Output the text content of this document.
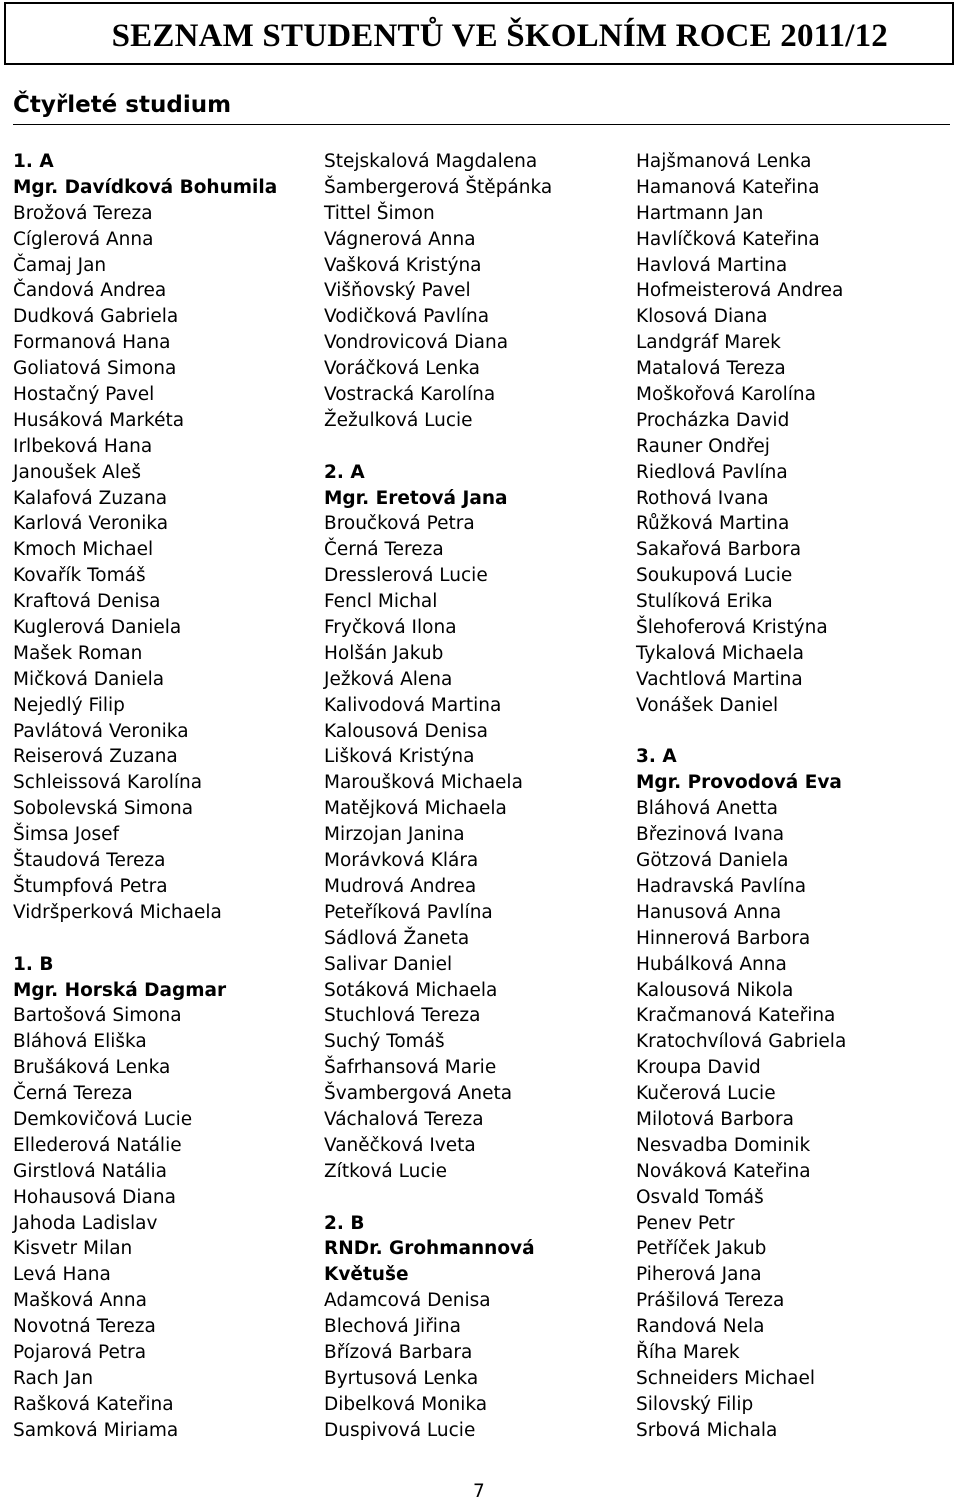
SEZNAM STUDENTŮ VE ŠKOLNÍM ROCE 2011/12
Čtyřleté studium
1. A
Mgr. Davídková Bohumila
Brožová Tereza
Cíglerová Anna
Čamaj Jan
Čandová Andrea
Dudková Gabriela
Formanová Hana
Goliatová Simona
Hostačný Pavel
Husáková Markéta
Irlbeková Hana
Janoušek Aleš
Kalafová Zuzana
Karlová Veronika
Kmoch Michael
Kovařík Tomáš
Kraftová Denisa
Kuglerová Daniela
Mašek Roman
Mičková Daniela
Nejedlý Filip
Pavlátová Veronika
Reiserová Zuzana
Schleissová Karolína
Sobolevská Simona
Šimsa Josef
Štaudová Tereza
Štumpfová Petra
Vidršperková Michaela
1. B
Mgr. Horská Dagmar
Bartošová Simona
Bláhová Eliška
Brušáková Lenka
Černá Tereza
Demkovičová Lucie
Ellederová Natálie
Girstlová Natália
Hohausová Diana
Jahoda Ladislav
Kisvetr Milan
Levá Hana
Mašková Anna
Novotná Tereza
Pojarová Petra
Rach Jan
Rašková Kateřina
Samková Miriama
Stejskalová Magdalena
Šambergerová Štěpánka
Tittel Šimon
Vágnerová Anna
Vašková Kristýna
Višňovský Pavel
Vodičková Pavlína
Vondrovicová Diana
Voráčková Lenka
Vostracká Karolína
Žežulková Lucie
2. A
Mgr. Eretová Jana
Broučková Petra
Černá Tereza
Dresslerová Lucie
Fencl Michal
Fryčková Ilona
Holšán Jakub
Ježková Alena
Kalivodová Martina
Kalousová Denisa
Lišková Kristýna
Maroušková Michaela
Matějková Michaela
Mirzojan Janina
Morávková Klára
Mudrová Andrea
Peteříková Pavlína
Sádlová Žaneta
Salivar Daniel
Sotáková Michaela
Stuchlová Tereza
Suchý Tomáš
Šafrhansová Marie
Švambergová Aneta
Váchalová Tereza
Vaněčková Iveta
Zítková Lucie
2. B
RNDr. Grohmannová
Květuše
Adamcová Denisa
Blechová Jiřina
Břízová Barbara
Byrtusová Lenka
Dibelková Monika
Duspivová Lucie
Hajšmanová Lenka
Hamanová Kateřina
Hartmann Jan
Havlíčková Kateřina
Havlová Martina
Hofmeisterová Andrea
Klosová Diana
Landgráf Marek
Matalová Tereza
Moškořová Karolína
Procházka David
Rauner Ondřej
Riedlová Pavlína
Rothová Ivana
Růžková Martina
Sakařová Barbora
Soukupová Lucie
Stulíková Erika
Šlehoferová Kristýna
Tykalová Michaela
Vachtlová Martina
Vonášek Daniel
3. A
Mgr. Provodová Eva
Bláhová Anetta
Březinová Ivana
Götzová Daniela
Hadravská Pavlína
Hanusová Anna
Hinnerová Barbora
Hubálková Anna
Kalousová Nikola
Kračmanová Kateřina
Kratochvílová Gabriela
Kroupa David
Kučerová Lucie
Milotová Barbora
Nesvadba Dominik
Nováková Kateřina
Osvald Tomáš
Penev Petr
Petříček Jakub
Piherová Jana
Prášilová Tereza
Randová Nela
Říha Marek
Schneiders Michael
Silovský Filip
Srbová Michala
7
